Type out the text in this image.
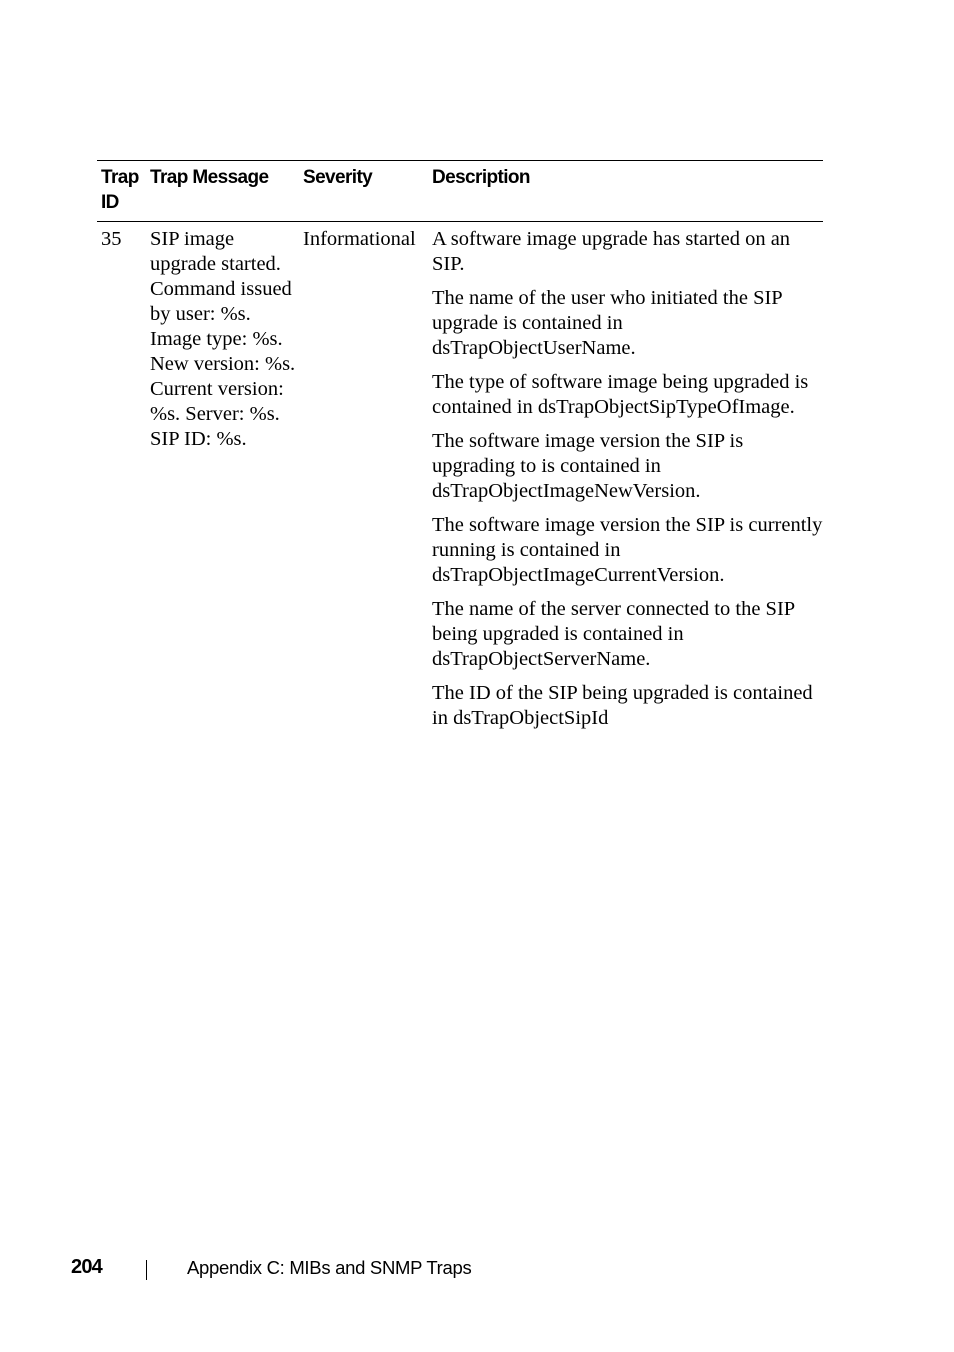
Trap ID
Trap Message Severity	Description
35 SIP image upgrade started. Command issued by user: %s. Image type: %s. New version: %s. Current version: %s. Server: %s. SIP ID: %s.
Informational A software image upgrade has started on an SIP.

The name of the user who initiated the SIP upgrade is contained in dsTrapObjectUserName.

The type of software image being upgraded is contained in dsTrapObjectSipTypeOfImage.

The software image version the SIP is upgrading to is contained in dsTrapObjectImageNewVersion.

The software image version the SIP is currently running is contained in dsTrapObjectImageCurrentVersion.

The name of the server connected to the SIP being upgraded is contained in dsTrapObjectServerName.

The ID of the SIP being upgraded is contained in dsTrapObjectSipId

204	Appendix C: MIBs and SNMP Traps
